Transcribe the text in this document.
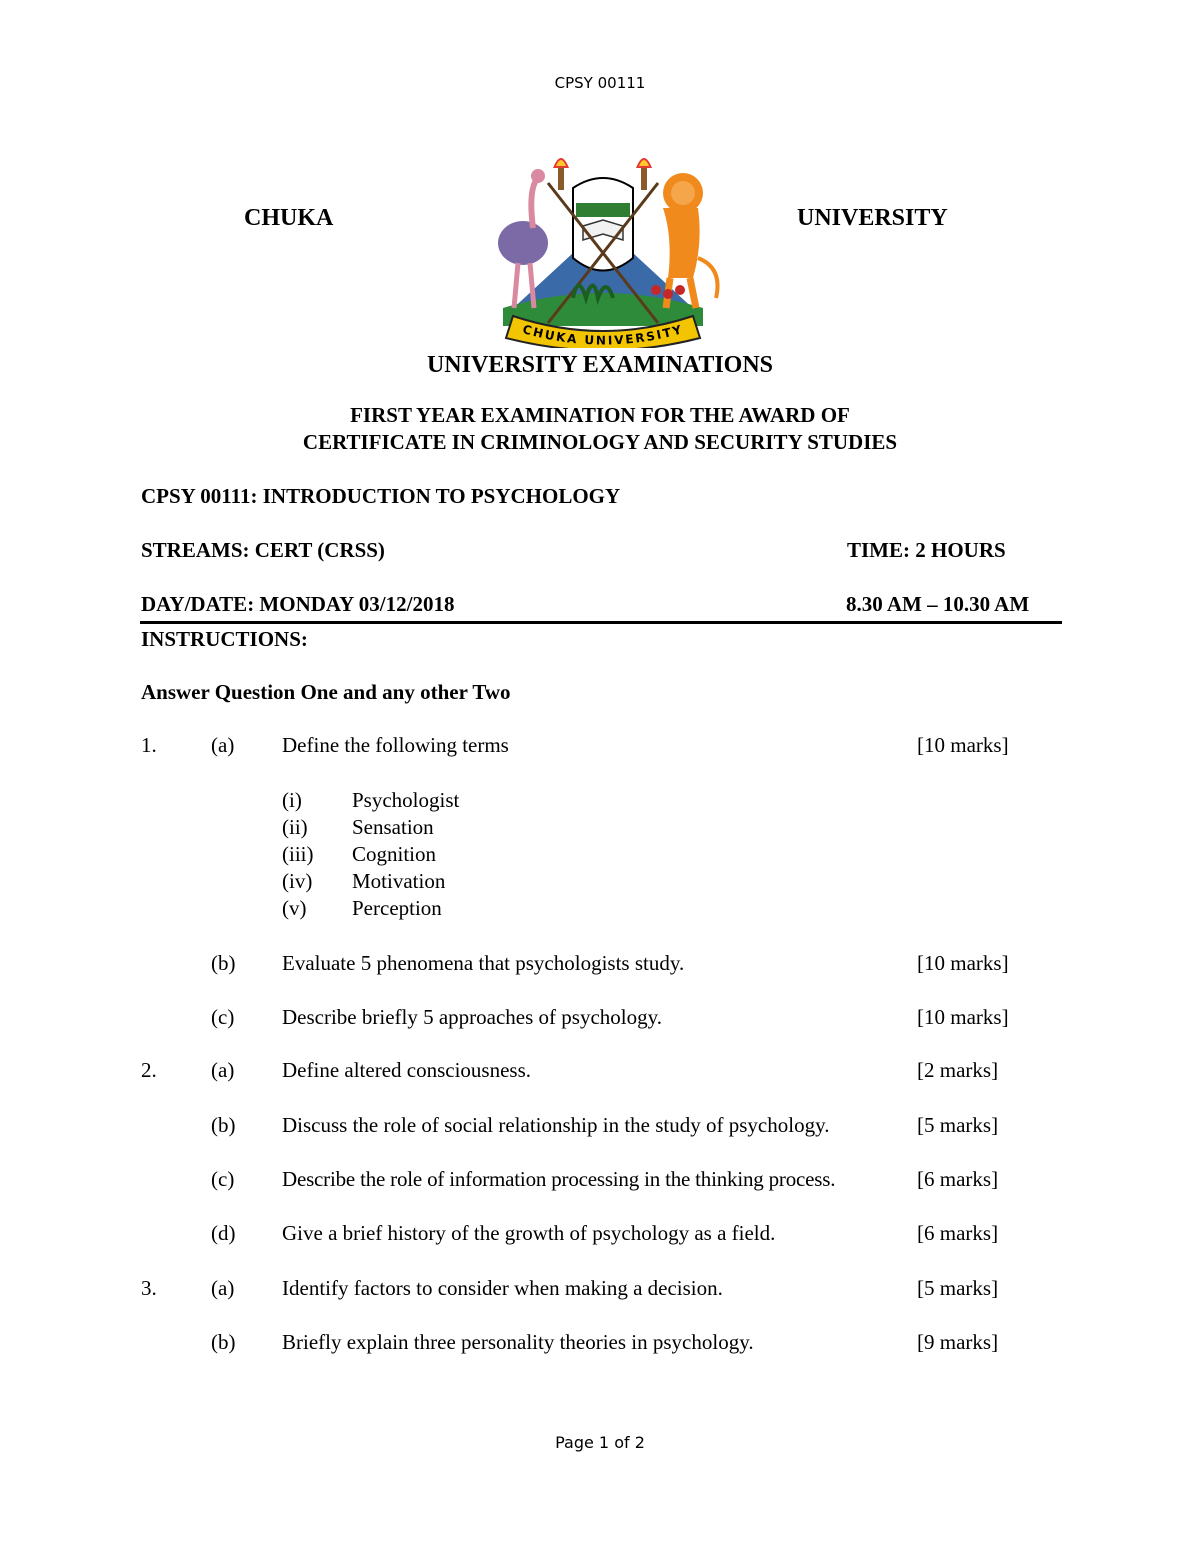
CPSY 00111
CHUKA	UNIVERSITY
CHUKA UNIVERSITY
UNIVERSITY EXAMINATIONS
FIRST YEAR EXAMINATION FOR THE AWARD OF
CERTIFICATE IN CRIMINOLOGY AND SECURITY STUDIES
CPSY 00111: INTRODUCTION TO PSYCHOLOGY
STREAMS: CERT (CRSS)	TIME: 2 HOURS
DAY/DATE: MONDAY 03/12/2018	8.30 AM – 10.30 AM
INSTRUCTIONS:
Answer Question One and any other Two
1.	(a) Define the following terms	[10 marks]
(i) Psychologist
(ii) Sensation
(iii) Cognition
(iv) Motivation
(v) Perception
(b) Evaluate 5 phenomena that psychologists study.	[10 marks]
(c) Describe briefly 5 approaches of psychology.	[10 marks]
2.	(a) Define altered consciousness.	[2 marks]
(b) Discuss the role of social relationship in the study of psychology.	[5 marks]
(c) Describe the role of information processing in the thinking process.	[6 marks]
(d) Give a brief history of the growth of psychology as a field.	[6 marks]
3.	(a) Identify factors to consider when making a decision.	[5 marks]
(b) Briefly explain three personality theories in psychology.	[9 marks]
Page 1 of 2
